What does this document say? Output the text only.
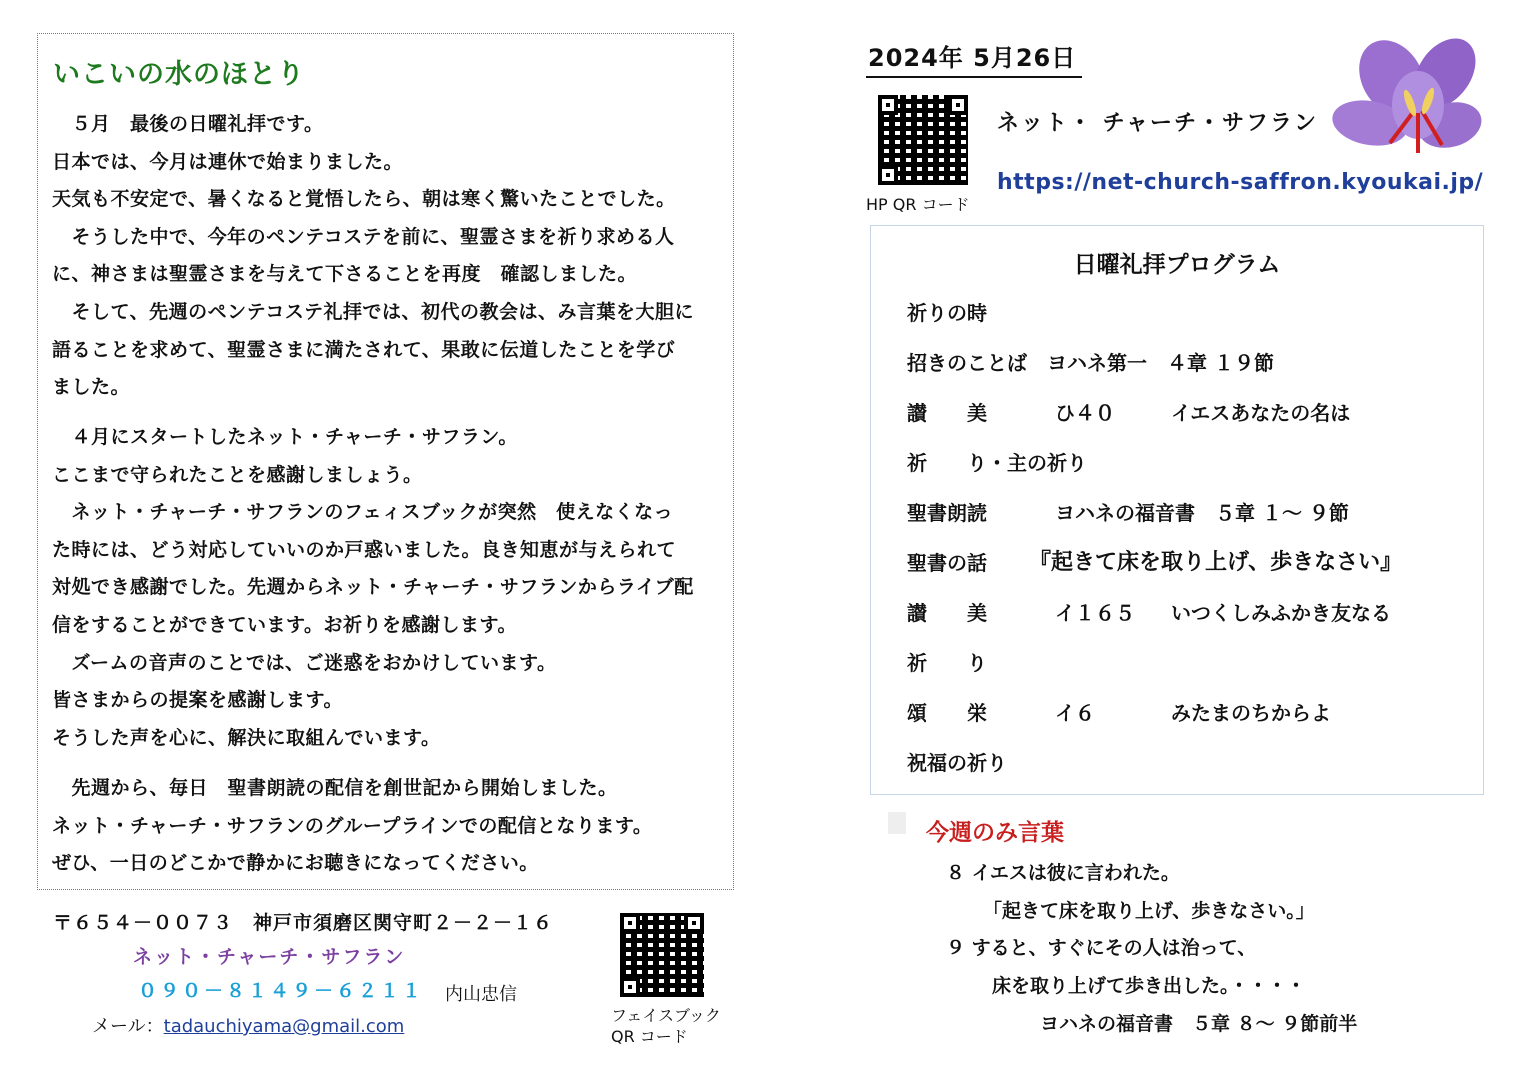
いこいの水のほとり
　５月　最後の日曜礼拝です。
日本では、今月は連休で始まりました。
天気も不安定で、暑くなると覚悟したら、朝は寒く驚いたことでした。
　そうした中で、今年のペンテコステを前に、聖霊さまを祈り求める人
に、神さまは聖霊さまを与えて下さることを再度　確認しました。
　そして、先週のペンテコステ礼拝では、初代の教会は、み言葉を大胆に
語ることを求めて、聖霊さまに満たされて、果敢に伝道したことを学び
ました。
　４月にスタートしたネット・チャーチ・サフラン。
ここまで守られたことを感謝しましょう。
　ネット・チャーチ・サフランのフェィスブックが突然　使えなくなっ
た時には、どう対応していいのか戸惑いました。良き知恵が与えられて
対処でき感謝でした。先週からネット・チャーチ・サフランからライブ配
信をすることができています。お祈りを感謝します。
　ズームの音声のことでは、ご迷惑をおかけしています。
皆さまからの提案を感謝します。
そうした声を心に、解決に取組んでいます。
　先週から、毎日　聖書朗読の配信を創世記から開始しました。
ネット・チャーチ・サフランのグループラインでの配信となります。
ぜひ、一日のどこかで静かにお聴きになってください。
〒６５４－００７３　神戸市須磨区関守町２－２－１６
ネット・チャーチ・サフラン
０９０－８１４９－６２１１ 内山忠信
メール：tadauchiyama@gmail.com
フェイスブック
QR コード
2024年 5月26日
HP QR コード
ネット・ チャーチ・サフラン
https://net-church-saffron.kyoukai.jp/
日曜礼拝プログラム
祈りの時
招きのことば　ヨハネ第一　４章 １９節
讃　　美	ひ４０	イエスあなたの名は
祈　　り・主の祈り
聖書朗読	ヨハネの福音書　５章 １～ ９節
聖書の話 『起きて床を取り上げ、歩きなさい』
讃　　美	イ１６５ いつくしみふかき友なる
祈　　り
頌　　栄	イ６	みたまのちからよ
祝福の祈り
今週のみ言葉
８ イエスは彼に言われた。
「起きて床を取り上げ、歩きなさい。」
９ すると、すぐにその人は治って、
床を取り上げて歩き出した。・・・・
ヨハネの福音書　５章 ８～ ９節前半
